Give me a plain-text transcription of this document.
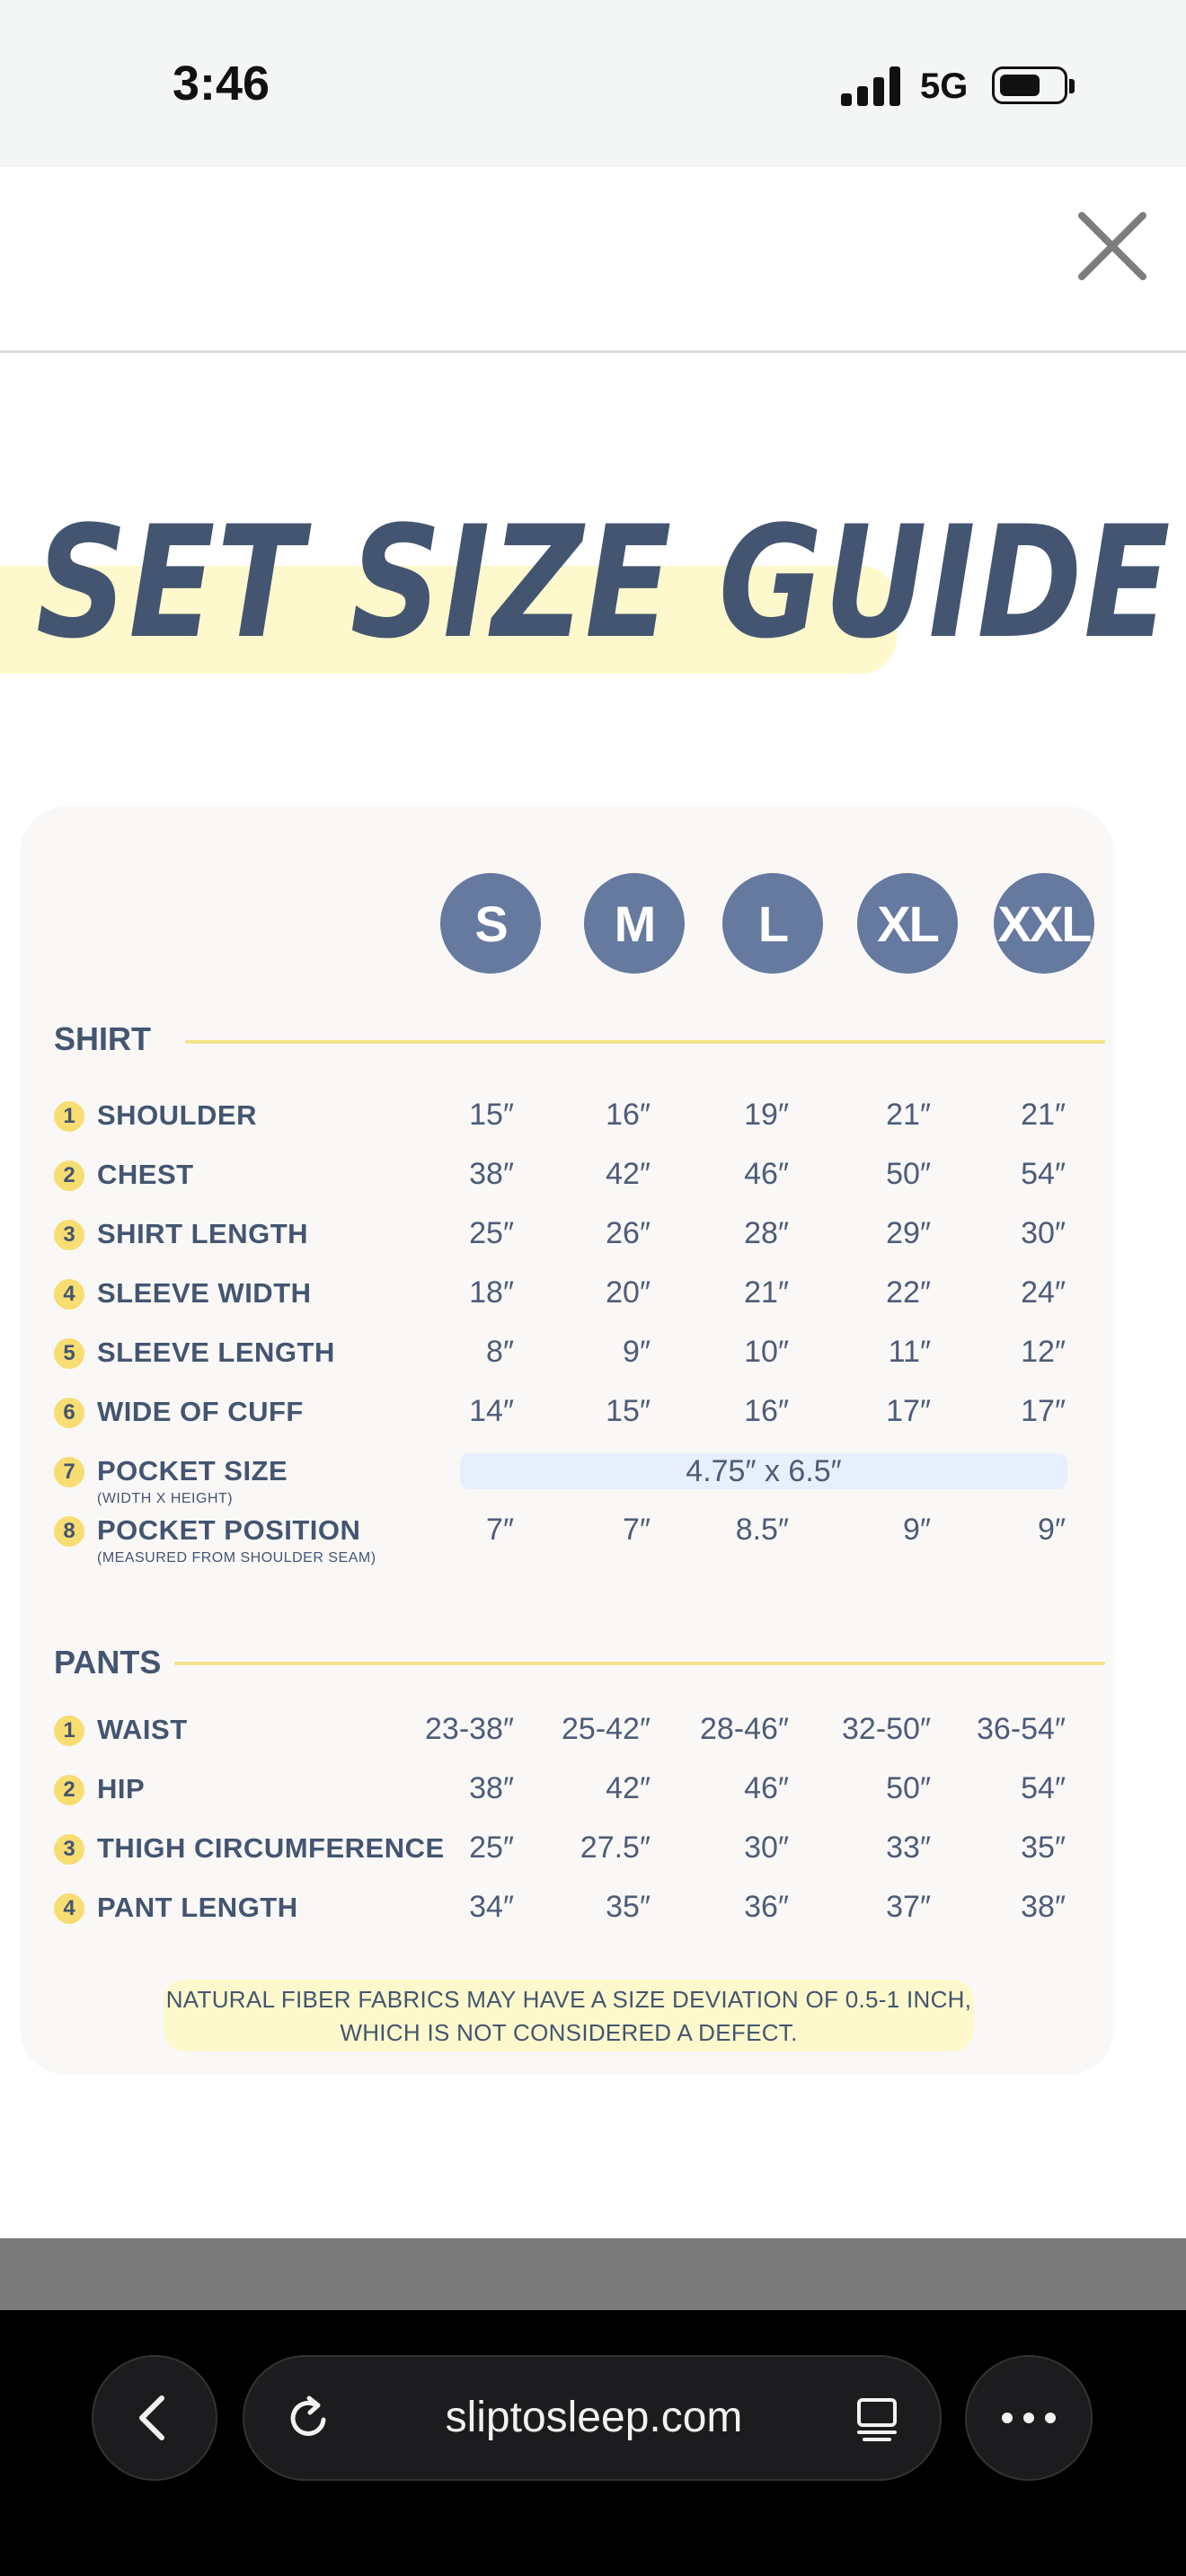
3:46	5G
SET SIZE GUIDE
S	M	L	XL	XXL
SHIRT
1 SHOULDER	15″	16″	19″	21″	21″
2 CHEST	38″	42″	46″	50″	54″
3 SHIRT LENGTH	25″	26″	28″	29″	30″
4 SLEEVE WIDTH	18″	20″	21″	22″	24″
5 SLEEVE LENGTH	8″	9″	10″	11″	12″
6 WIDE OF CUFF	14″	15″	16″	17″	17″
7 POCKET SIZE
(WIDTH X HEIGHT)
4.75″ x 6.5″
8 POCKET POSITION
(MEASURED FROM SHOULDER SEAM)
7″	7″	8.5″	9″	9″
PANTS
1 WAIST	23-38″	25-42″	28-46″	32-50″	36-54″
2 HIP	38″	42″	46″	50″	54″
3 THIGH CIRCUMFERENCE 25″	27.5″	30″	33″	35″
4 PANT LENGTH	34″	35″	36″	37″	38″
NATURAL FIBER FABRICS MAY HAVE A SIZE DEVIATION OF 0.5-1 INCH,
WHICH IS NOT CONSIDERED A DEFECT.
sliptosleep.com
